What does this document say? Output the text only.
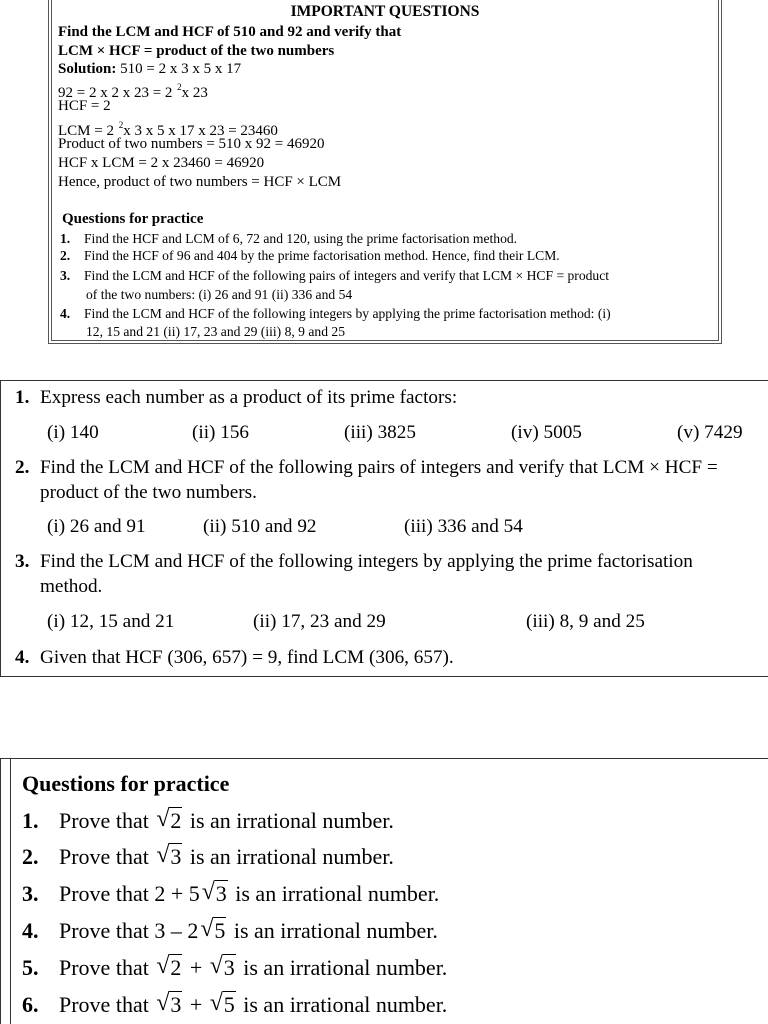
IMPORTANT QUESTIONS
Find the LCM and HCF of 510 and 92 and verify that
LCM × HCF = product of the two numbers
Solution: 510 = 2 x 3 x 5 x 17
92 = 2 x 2 x 23 = 2 $^2$x 23
HCF = 2
LCM = 2 $^2$x 3 x 5 x 17 x 23 = 23460
Product of two numbers = 510 x 92 = 46920
HCF x LCM = 2 x 23460 = 46920
Hence, product of two numbers = HCF × LCM
Questions for practice
1. Find the HCF and LCM of 6, 72 and 120, using the prime factorisation method.
2. Find the HCF of 96 and 404 by the prime factorisation method. Hence, find their LCM.
3. Find the LCM and HCF of the following pairs of integers and verify that LCM × HCF = product
of the two numbers: (i) 26 and 91 (ii) 336 and 54
4. Find the LCM and HCF of the following integers by applying the prime factorisation method: (i)
12, 15 and 21 (ii) 17, 23 and 29 (iii) 8, 9 and 25
1. Express each number as a product of its prime factors:
(i) 140	(ii) 156	(iii) 3825	(iv) 5005	(v) 7429
2. Find the LCM and HCF of the following pairs of integers and verify that LCM × HCF =
product of the two numbers.
(i) 26 and 91	(ii) 510 and 92	(iii) 336 and 54
3. Find the LCM and HCF of the following integers by applying the prime factorisation
method.
(i) 12, 15 and 21	(ii) 17, 23 and 29	(iii) 8, 9 and 25
4. Given that HCF (306, 657) = 9, find LCM (306, 657).
Questions for practice
1. Prove that √ 2 is an irrational number.
2. Prove that √ 3 is an irrational number.
3. Prove that 2 + 5 √ 3 is an irrational number.
4. Prove that 3 – 2 √ 5 is an irrational number.
5. Prove that √ 2 + √ 3 is an irrational number.
6. Prove that √ 3 + √ 5 is an irrational number.
